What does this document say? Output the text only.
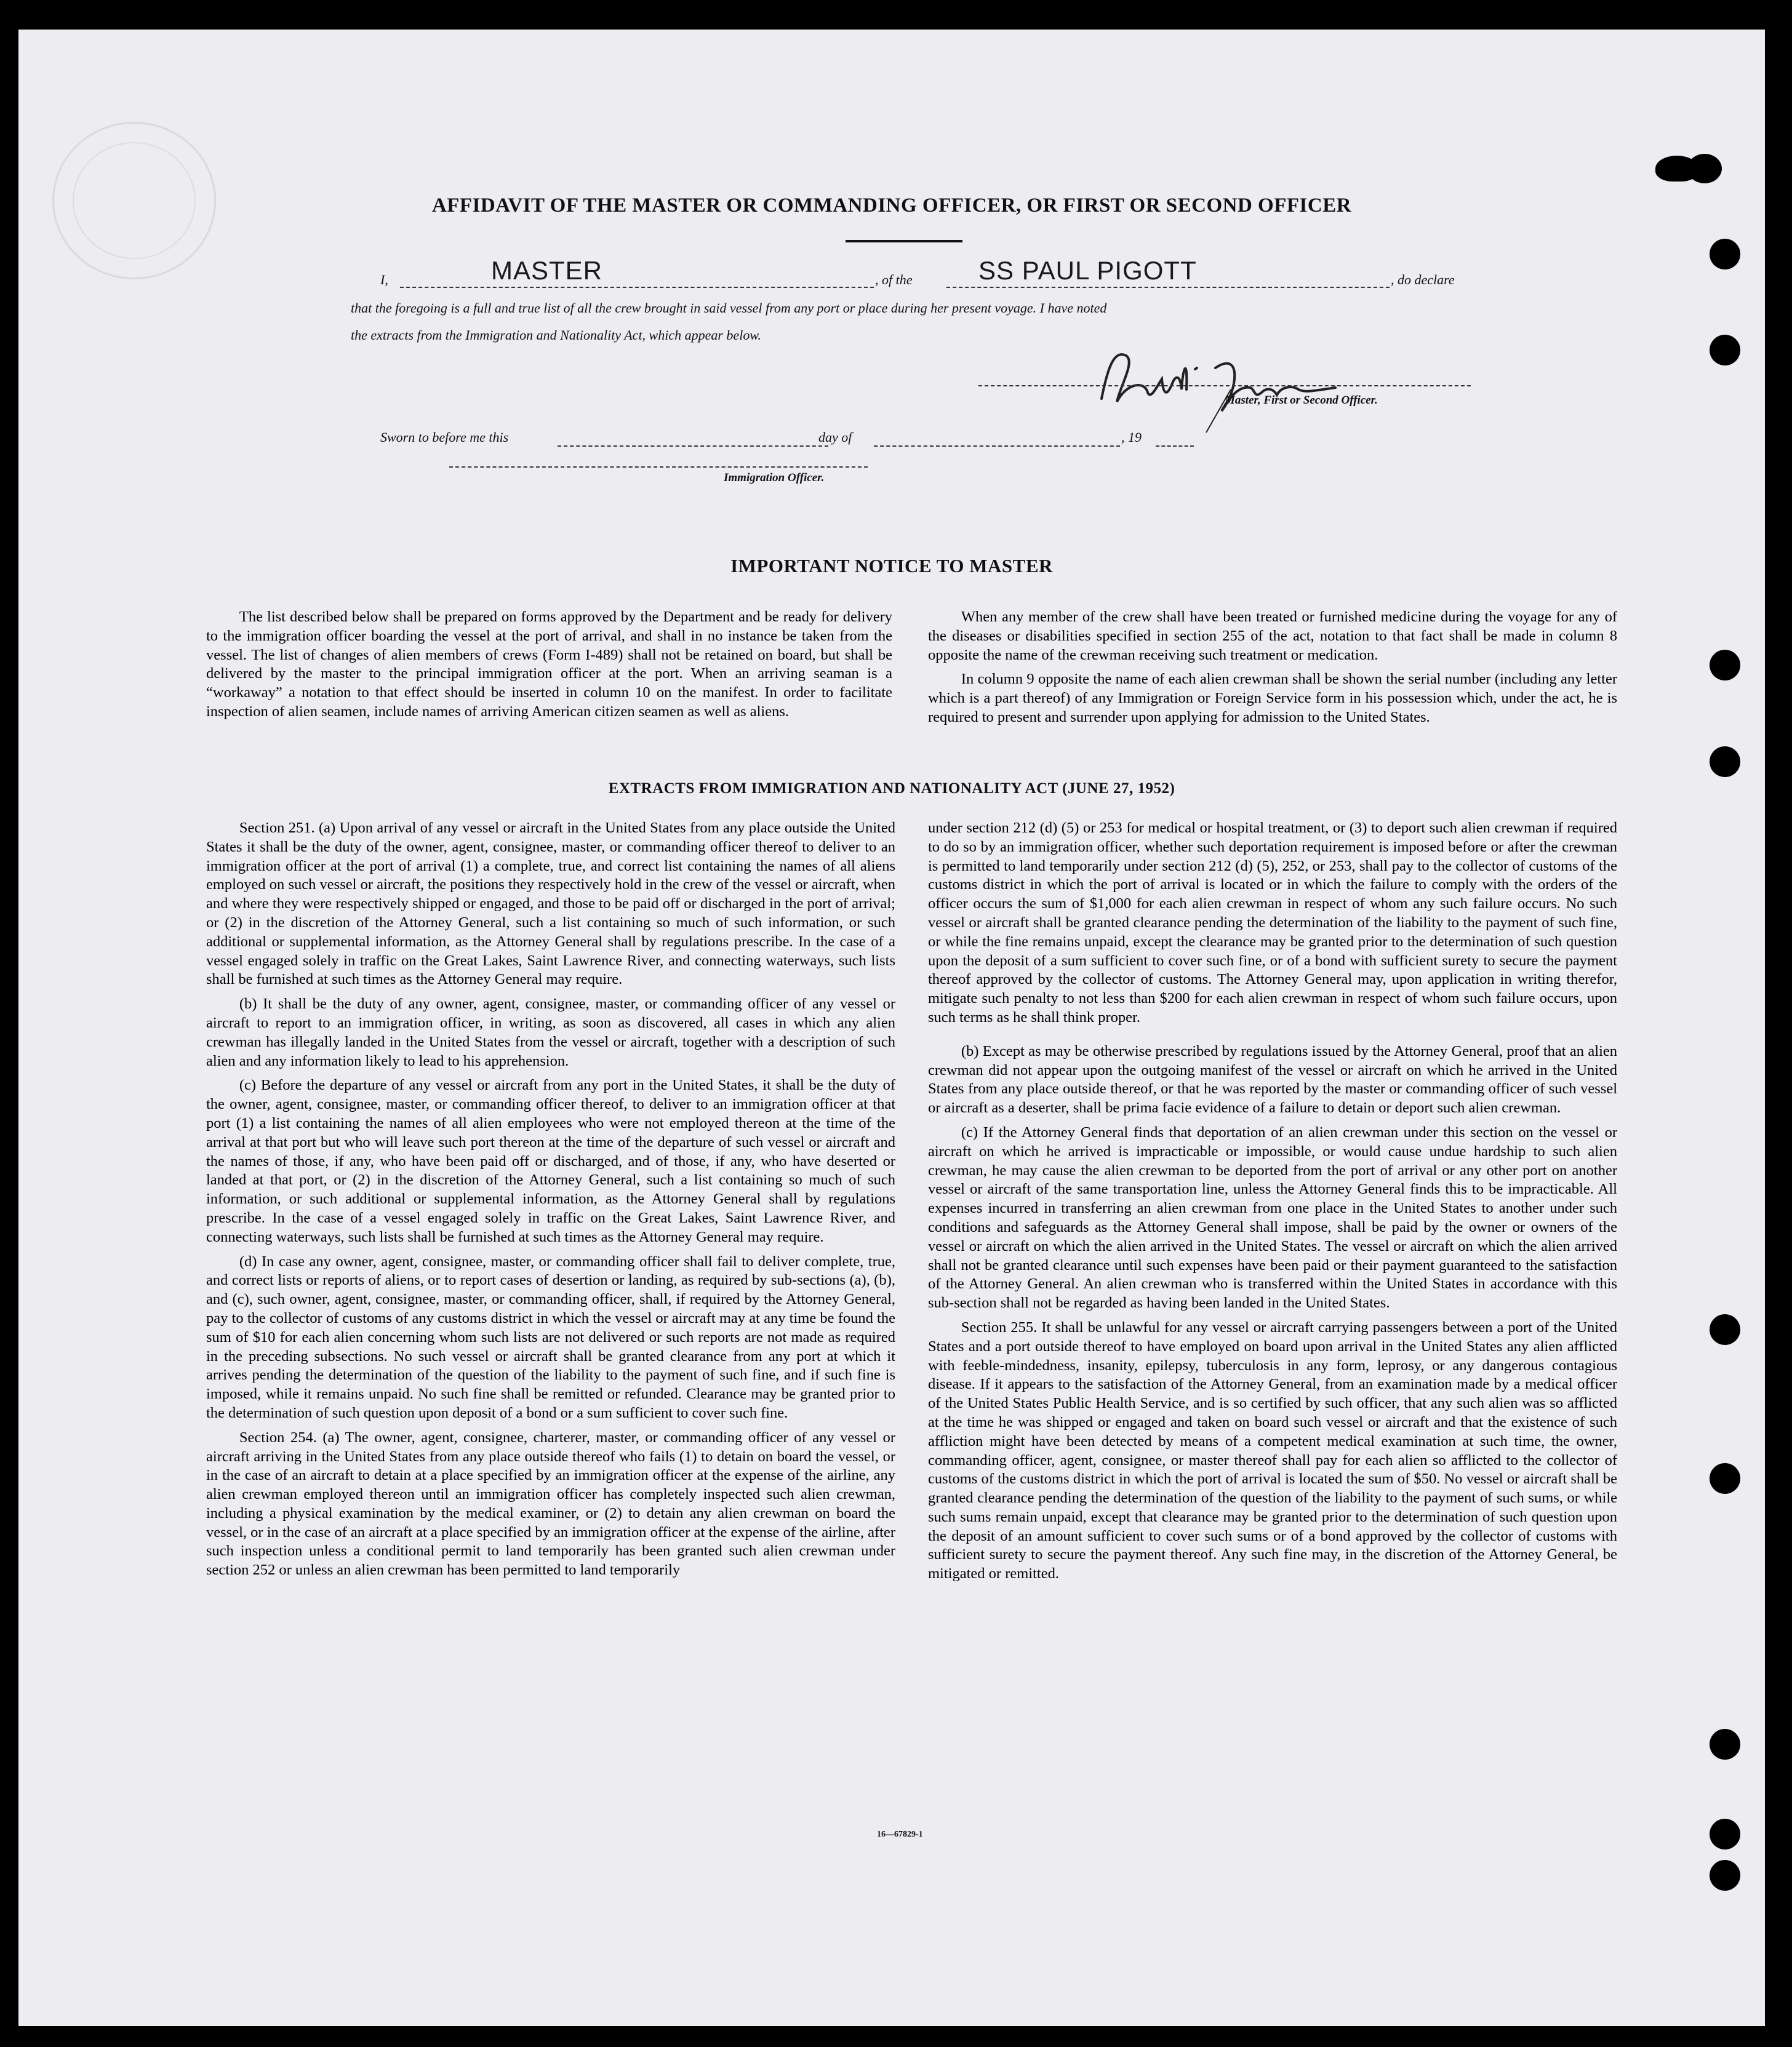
AFFIDAVIT OF THE MASTER OR COMMANDING OFFICER, OR FIRST OR SECOND OFFICER
I,	MASTER	, of the	SS PAUL PIGOTT	, do declare
that the foregoing is a full and true list of all the crew brought in said vessel from any port or place during her present voyage. I have noted
the extracts from the Immigration and Nationality Act, which appear below.
Master, First or Second Officer.
Sworn to before me this	day of	, 19
Immigration Officer.
IMPORTANT NOTICE TO MASTER

The list described below shall be prepared on forms approved by the Department and be ready for delivery to the immigration officer boarding the vessel at the port of arrival, and shall in no instance be taken from the vessel. The list of changes of alien members of crews (Form I-489) shall not be retained on board, but shall be delivered by the master to the principal immigration officer at the port. When an arriving seaman is a “workaway” a notation to that effect should be inserted in column 10 on the manifest. In order to facilitate inspection of alien seamen, include names of arriving American citizen seamen as well as aliens.

When any member of the crew shall have been treated or furnished medicine during the voyage for any of the diseases or disabilities specified in section 255 of the act, notation to that fact shall be made in column 8 opposite the name of the crewman receiving such treatment or medication.

In column 9 opposite the name of each alien crewman shall be shown the serial number (including any letter which is a part thereof) of any Immigration or Foreign Service form in his possession which, under the act, he is required to present and surrender upon applying for admission to the United States.

EXTRACTS FROM IMMIGRATION AND NATIONALITY ACT (JUNE 27, 1952)

Section 251. (a) Upon arrival of any vessel or aircraft in the United States from any place outside the United States it shall be the duty of the owner, agent, consignee, master, or commanding officer thereof to deliver to an immigration officer at the port of arrival (1) a complete, true, and correct list containing the names of all aliens employed on such vessel or aircraft, the positions they respectively hold in the crew of the vessel or aircraft, when and where they were respectively shipped or engaged, and those to be paid off or discharged in the port of arrival; or (2) in the discretion of the Attorney General, such a list containing so much of such information, or such additional or supplemental information, as the Attorney General shall by regulations prescribe. In the case of a vessel engaged solely in traffic on the Great Lakes, Saint Lawrence River, and connecting waterways, such lists shall be furnished at such times as the Attorney General may require.

(b) It shall be the duty of any owner, agent, consignee, master, or commanding officer of any vessel or aircraft to report to an immigration officer, in writing, as soon as discovered, all cases in which any alien crewman has illegally landed in the United States from the vessel or aircraft, together with a description of such alien and any information likely to lead to his apprehension.

(c) Before the departure of any vessel or aircraft from any port in the United States, it shall be the duty of the owner, agent, consignee, master, or commanding officer thereof, to deliver to an immigration officer at that port (1) a list containing the names of all alien employees who were not employed thereon at the time of the arrival at that port but who will leave such port thereon at the time of the departure of such vessel or aircraft and the names of those, if any, who have been paid off or discharged, and of those, if any, who have deserted or landed at that port, or (2) in the discretion of the Attorney General, such a list containing so much of such information, or such additional or supplemental information, as the Attorney General shall by regulations prescribe. In the case of a vessel engaged solely in traffic on the Great Lakes, Saint Lawrence River, and connecting waterways, such lists shall be furnished at such times as the Attorney General may require.

(d) In case any owner, agent, consignee, master, or commanding officer shall fail to deliver complete, true, and correct lists or reports of aliens, or to report cases of desertion or landing, as required by sub-sections (a), (b), and (c), such owner, agent, consignee, master, or commanding officer, shall, if required by the Attorney General, pay to the collector of customs of any customs district in which the vessel or aircraft may at any time be found the sum of $10 for each alien concerning whom such lists are not delivered or such reports are not made as required in the preceding subsections. No such vessel or aircraft shall be granted clearance from any port at which it arrives pending the determination of the question of the liability to the payment of such fine, and if such fine is imposed, while it remains unpaid. No such fine shall be remitted or refunded. Clearance may be granted prior to the determination of such question upon deposit of a bond or a sum sufficient to cover such fine.

Section 254. (a) The owner, agent, consignee, charterer, master, or commanding officer of any vessel or aircraft arriving in the United States from any place outside thereof who fails (1) to detain on board the vessel, or in the case of an aircraft to detain at a place specified by an immigration officer at the expense of the airline, any alien crewman employed thereon until an immigration officer has completely inspected such alien crewman, including a physical examination by the medical examiner, or (2) to detain any alien crewman on board the vessel, or in the case of an aircraft at a place specified by an immigration officer at the expense of the airline, after such inspection unless a conditional permit to land temporarily has been granted such alien crewman under section 252 or unless an alien crewman has been permitted to land temporarily

under section 212 (d) (5) or 253 for medical or hospital treatment, or (3) to deport such alien crewman if required to do so by an immigration officer, whether such deportation requirement is imposed before or after the crewman is permitted to land temporarily under section 212 (d) (5), 252, or 253, shall pay to the collector of customs of the customs district in which the port of arrival is located or in which the failure to comply with the orders of the officer occurs the sum of $1,000 for each alien crewman in respect of whom any such failure occurs. No such vessel or aircraft shall be granted clearance pending the determination of the liability to the payment of such fine, or while the fine remains unpaid, except the clearance may be granted prior to the determination of such question upon the deposit of a sum sufficient to cover such fine, or of a bond with sufficient surety to secure the payment thereof approved by the collector of customs. The Attorney General may, upon application in writing therefor, mitigate such penalty to not less than $200 for each alien crewman in respect of whom such failure occurs, upon such terms as he shall think proper.

(b) Except as may be otherwise prescribed by regulations issued by the Attorney General, proof that an alien crewman did not appear upon the outgoing manifest of the vessel or aircraft on which he arrived in the United States from any place outside thereof, or that he was reported by the master or commanding officer of such vessel or aircraft as a deserter, shall be prima facie evidence of a failure to detain or deport such alien crewman.

(c) If the Attorney General finds that deportation of an alien crewman under this section on the vessel or aircraft on which he arrived is impracticable or impossible, or would cause undue hardship to such alien crewman, he may cause the alien crewman to be deported from the port of arrival or any other port on another vessel or aircraft of the same transportation line, unless the Attorney General finds this to be impracticable. All expenses incurred in transferring an alien crewman from one place in the United States to another under such conditions and safeguards as the Attorney General shall impose, shall be paid by the owner or owners of the vessel or aircraft on which the alien arrived in the United States. The vessel or aircraft on which the alien arrived shall not be granted clearance until such expenses have been paid or their payment guaranteed to the satisfaction of the Attorney General. An alien crewman who is transferred within the United States in accordance with this sub-section shall not be regarded as having been landed in the United States.

Section 255. It shall be unlawful for any vessel or aircraft carrying passengers between a port of the United States and a port outside thereof to have employed on board upon arrival in the United States any alien afflicted with feeble-mindedness, insanity, epilepsy, tuberculosis in any form, leprosy, or any dangerous contagious disease. If it appears to the satisfaction of the Attorney General, from an examination made by a medical officer of the United States Public Health Service, and is so certified by such officer, that any such alien was so afflicted at the time he was shipped or engaged and taken on board such vessel or aircraft and that the existence of such affliction might have been detected by means of a competent medical examination at such time, the owner, commanding officer, agent, consignee, or master thereof shall pay for each alien so afflicted to the collector of customs of the customs district in which the port of arrival is located the sum of $50. No vessel or aircraft shall be granted clearance pending the determination of the question of the liability to the payment of such sums, or while such sums remain unpaid, except that clearance may be granted prior to the determination of such question upon the deposit of an amount sufficient to cover such sums or of a bond approved by the collector of customs with sufficient surety to secure the payment thereof. Any such fine may, in the discretion of the Attorney General, be mitigated or remitted.

16—67829-1
